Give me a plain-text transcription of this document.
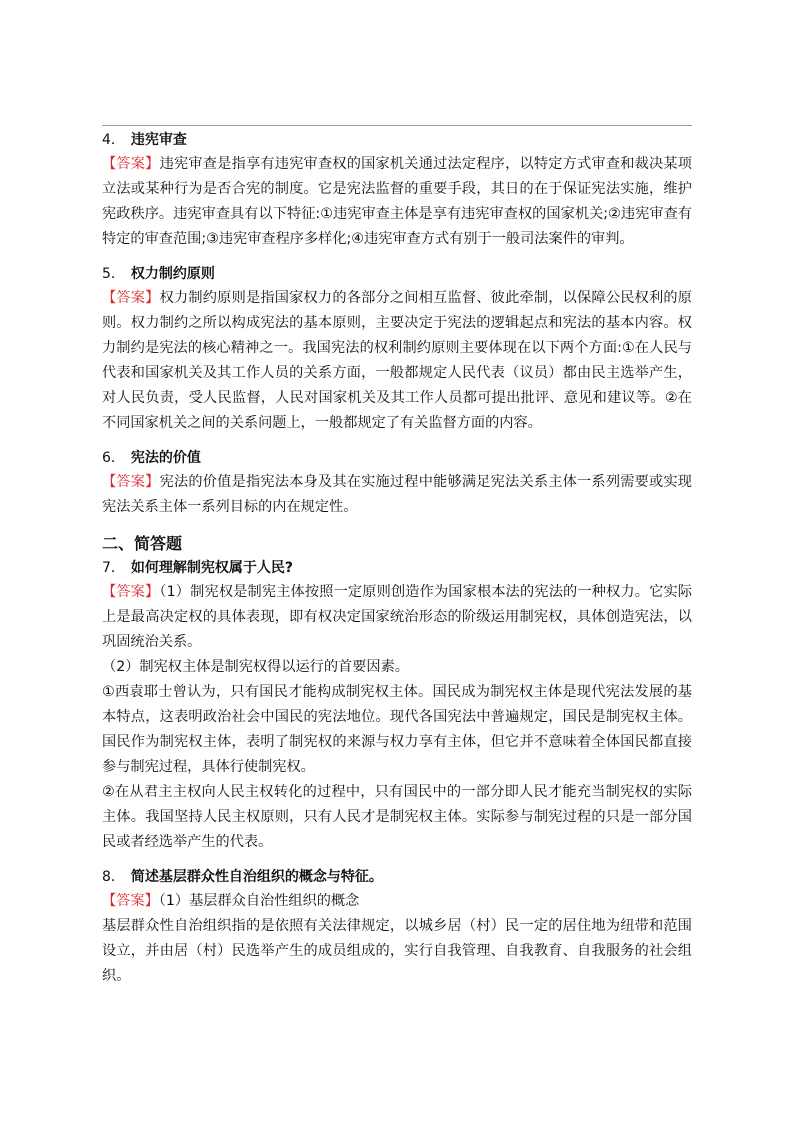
4． 违宪审查

【答案】违宪审查是指享有违宪审查权的国家机关通过法定程序，以特定方式审查和裁决某项立法或某种行为是否合宪的制度。它是宪法监督的重要手段，其日的在于保证宪法实施，维护宪政秩序。违宪审查具有以下特征:①违宪审查主体是享有违宪审查权的国家机关;②违宪审查有特定的审查范围;③违宪审查程序多样化;④违宪审查方式有别于一般司法案件的审判。

5． 权力制约原则

【答案】权力制约原则是指国家权力的各部分之间相互监督、彼此牵制，以保障公民权利的原则。权力制约之所以构成宪法的基本原则，主要决定于宪法的逻辑起点和宪法的基本内容。权力制约是宪法的核心精神之一。我国宪法的权利制约原则主要体现在以下两个方面:①在人民与代表和国家机关及其工作人员的关系方面，一般都规定人民代表（议员）都由民主选举产生，对人民负责，受人民监督，人民对国家机关及其工作人员都可提出批评、意见和建议等。②在不同国家机关之间的关系问题上，一般都规定了有关监督方面的内容。

6． 宪法的价值

【答案】宪法的价值是指宪法本身及其在实施过程中能够满足宪法关系主体一系列需要或实现宪法关系主体一系列目标的内在规定性。

二、简答题

7． 如何理解制宪权属于人民?

【答案】（1）制宪权是制宪主体按照一定原则创造作为国家根本法的宪法的一种权力。它实际上是最高决定权的具体表现，即有权决定国家统治形态的阶级运用制宪权，具体创造宪法，以巩固统治关系。

（2）制宪权主体是制宪权得以运行的首要因素。

①西袁耶士曾认为，只有国民才能构成制宪权主体。国民成为制宪权主体是现代宪法发展的基本特点，这表明政治社会中国民的宪法地位。现代各国宪法中普遍规定，国民是制宪权主体。国民作为制宪权主体，表明了制宪权的来源与权力享有主体，但它并不意味着全体国民都直接参与制宪过程，具体行使制宪权。

②在从君主主权向人民主权转化的过程中，只有国民中的一部分即人民才能充当制宪权的实际主体。我国坚持人民主权原则，只有人民才是制宪权主体。实际参与制宪过程的只是一部分国民或者经选举产生的代表。

8． 简述基层群众性自治组织的概念与特征。

【答案】（1）基层群众自治性组织的概念

基层群众性自治组织指的是依照有关法律规定，以城乡居（村）民一定的居住地为纽带和范围设立，并由居（村）民选举产生的成员组成的，实行自我管理、自我教育、自我服务的社会组织。
